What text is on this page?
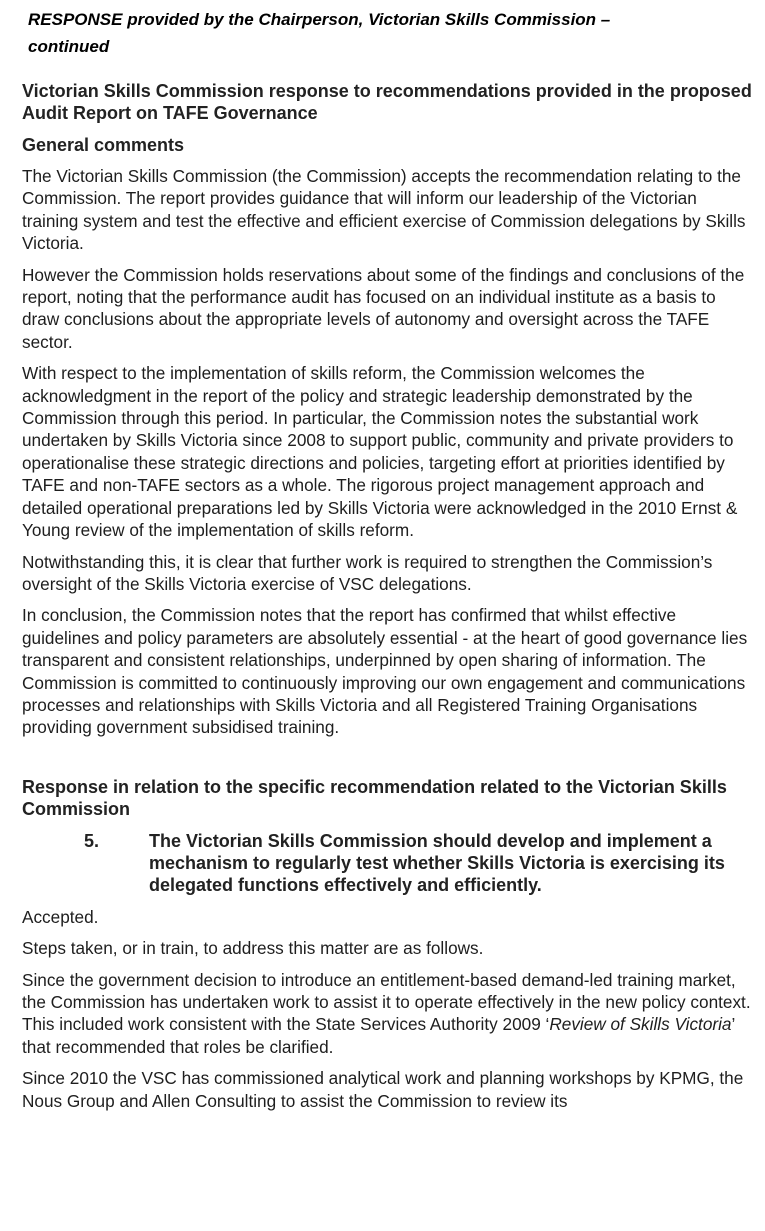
RESPONSE provided by the Chairperson, Victorian Skills Commission –
continued
Victorian Skills Commission response to recommendations provided in the proposed Audit Report on TAFE Governance
General comments

The Victorian Skills Commission (the Commission) accepts the recommendation relating to the Commission. The report provides guidance that will inform our leadership of the Victorian training system and test the effective and efficient exercise of Commission delegations by Skills Victoria.

However the Commission holds reservations about some of the findings and conclusions of the report, noting that the performance audit has focused on an individual institute as a basis to draw conclusions about the appropriate levels of autonomy and oversight across the TAFE sector.

With respect to the implementation of skills reform, the Commission welcomes the acknowledgment in the report of the policy and strategic leadership demonstrated by the Commission through this period. In particular, the Commission notes the substantial work undertaken by Skills Victoria since 2008 to support public, community and private providers to operationalise these strategic directions and policies, targeting effort at priorities identified by TAFE and non-TAFE sectors as a whole. The rigorous project management approach and detailed operational preparations led by Skills Victoria were acknowledged in the 2010 Ernst & Young review of the implementation of skills reform.

Notwithstanding this, it is clear that further work is required to strengthen the Commission’s oversight of the Skills Victoria exercise of VSC delegations.

In conclusion, the Commission notes that the report has confirmed that whilst effective guidelines and policy parameters are absolutely essential - at the heart of good governance lies transparent and consistent relationships, underpinned by open sharing of information. The Commission is committed to continuously improving our own engagement and communications processes and relationships with Skills Victoria and all Registered Training Organisations providing government subsidised training.

Response in relation to the specific recommendation related to the Victorian Skills Commission
5.	The Victorian Skills Commission should develop and implement a mechanism to regularly test whether Skills Victoria is exercising its delegated functions effectively and efficiently.

Accepted.

Steps taken, or in train, to address this matter are as follows.

Since the government decision to introduce an entitlement-based demand-led training market, the Commission has undertaken work to assist it to operate effectively in the new policy context. This included work consistent with the State Services Authority 2009 ‘Review of Skills Victoria’ that recommended that roles be clarified.

Since 2010 the VSC has commissioned analytical work and planning workshops by KPMG, the Nous Group and Allen Consulting to assist the Commission to review its
